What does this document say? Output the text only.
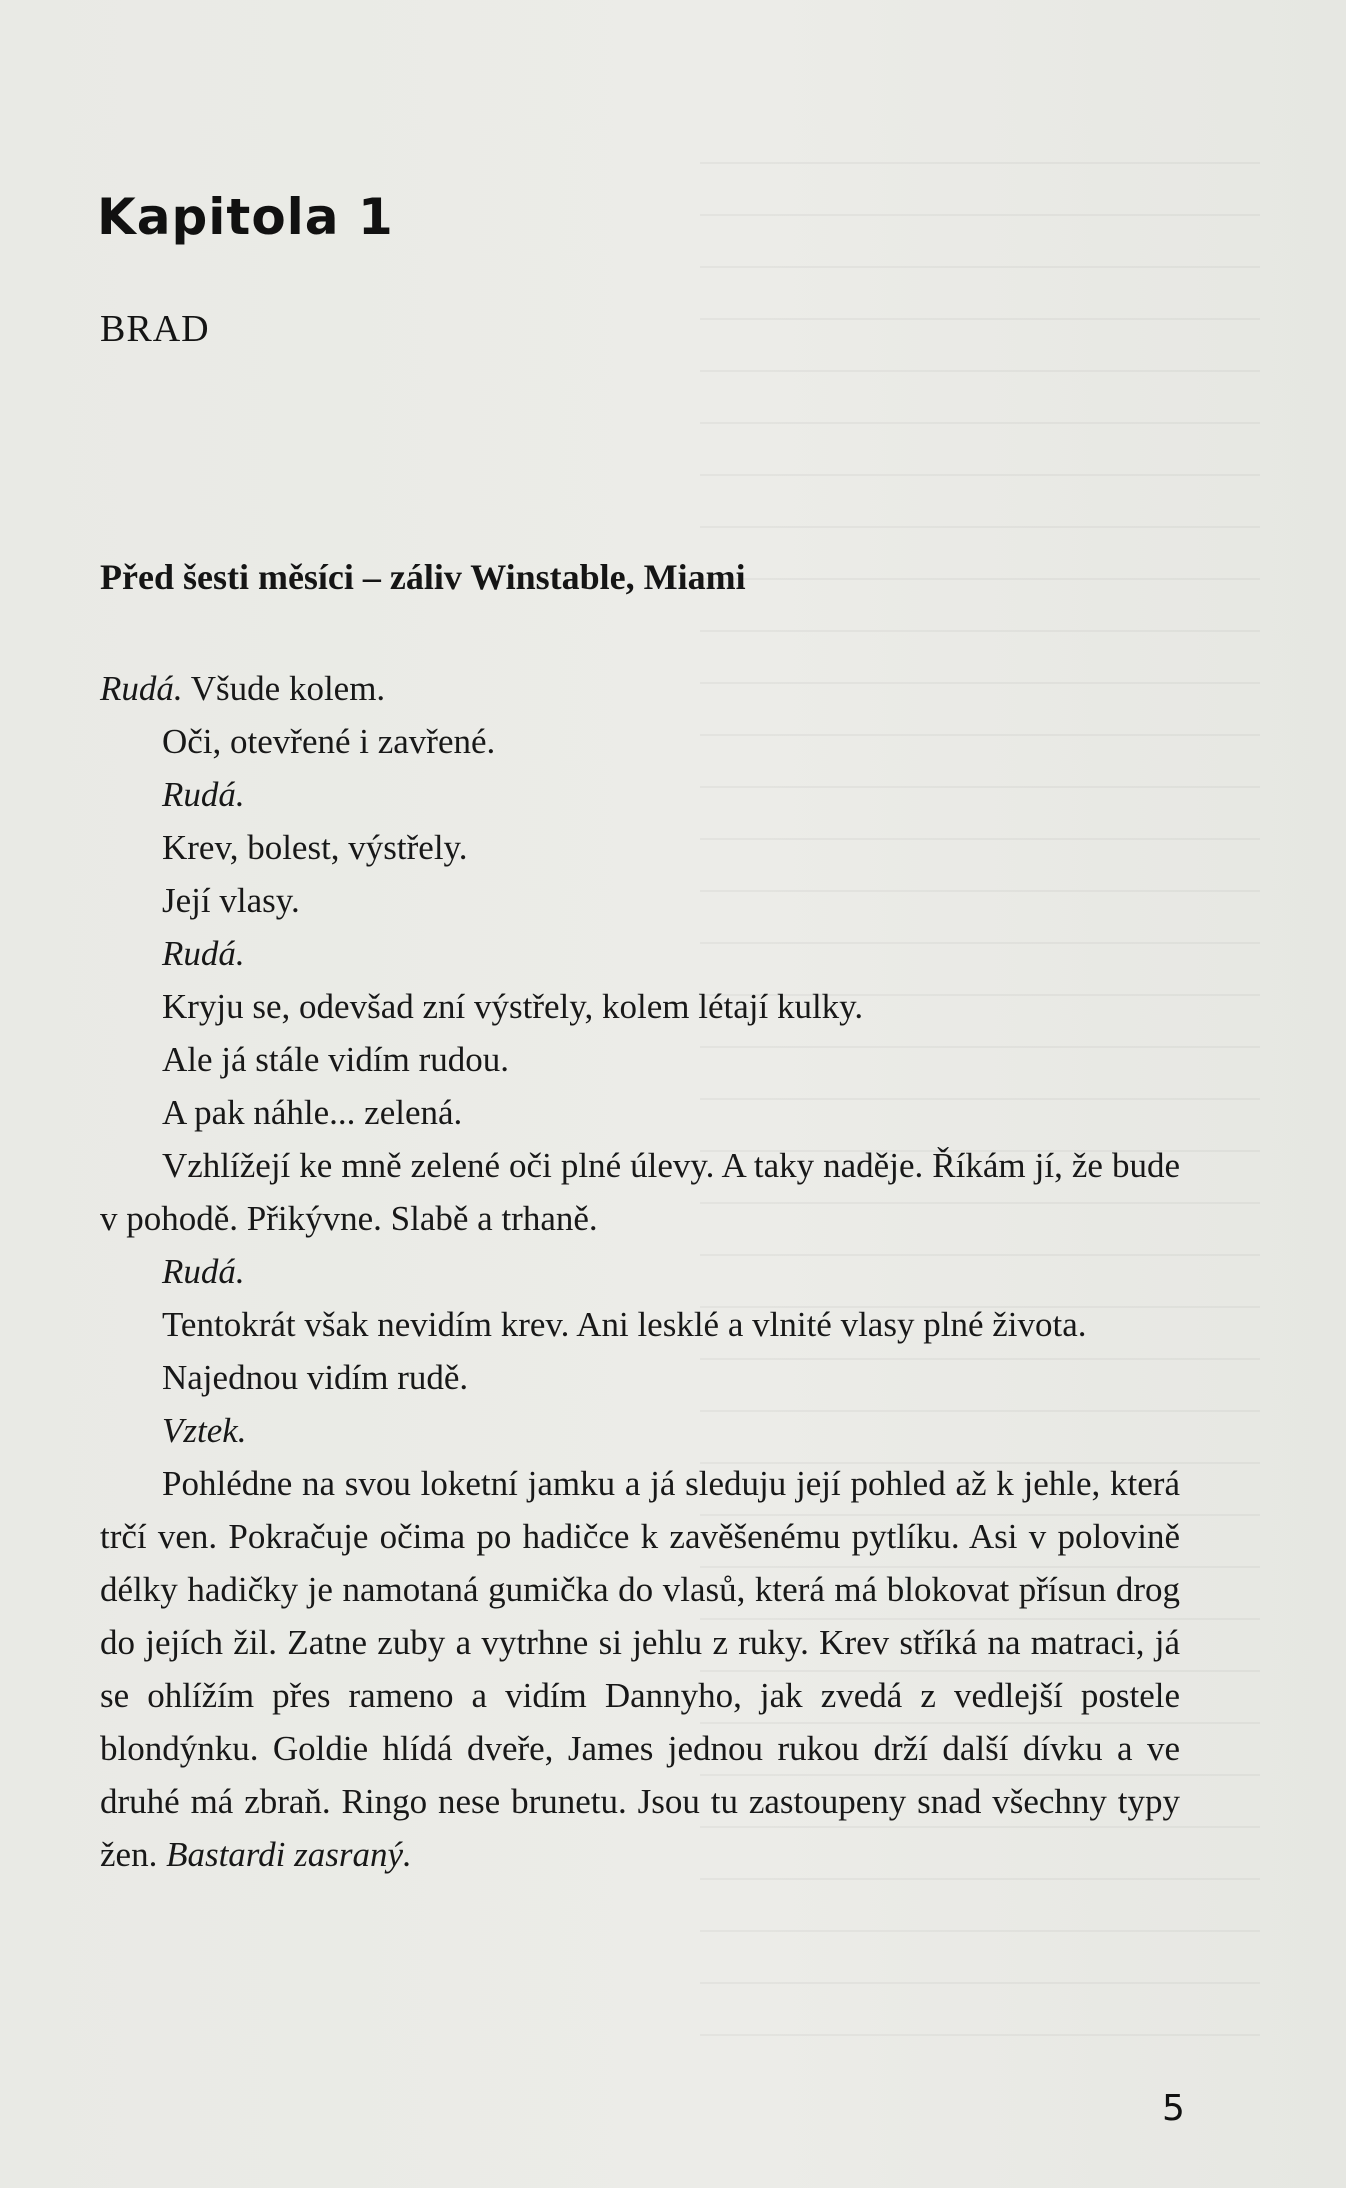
Kapitola 1
BRAD
Před šesti měsíci – záliv Winstable, Miami

Rudá. Všude kolem.

Oči, otevřené i zavřené.

Rudá.

Krev, bolest, výstřely.

Její vlasy.

Rudá.

Kryju se, odevšad zní výstřely, kolem létají kulky.

Ale já stále vidím rudou.

A pak náhle... zelená.

Vzhlížejí ke mně zelené oči plné úlevy. A taky naděje. Říkám jí, že bude v pohodě. Přikývne. Slabě a trhaně.

Rudá.

Tentokrát však nevidím krev. Ani lesklé a vlnité vlasy plné života.

Najednou vidím rudě.

Vztek.

Pohlédne na svou loketní jamku a já sleduju její pohled až k jehle, která trčí ven. Pokračuje očima po hadičce k zavěšenému pytlíku. Asi v polovině délky hadičky je namotaná gumička do vlasů, která má blokovat přísun drog do jejích žil. Zatne zuby a vytrhne si jehlu z ruky. Krev stříká na matraci, já se ohlížím přes rameno a vidím Dannyho, jak zvedá z vedlejší postele blondýnku. Goldie hlídá dveře, James jednou rukou drží další dívku a ve druhé má zbraň. Ringo nese brunetu. Jsou tu zastoupeny snad všechny typy žen. Bastardi zasraný.

5
